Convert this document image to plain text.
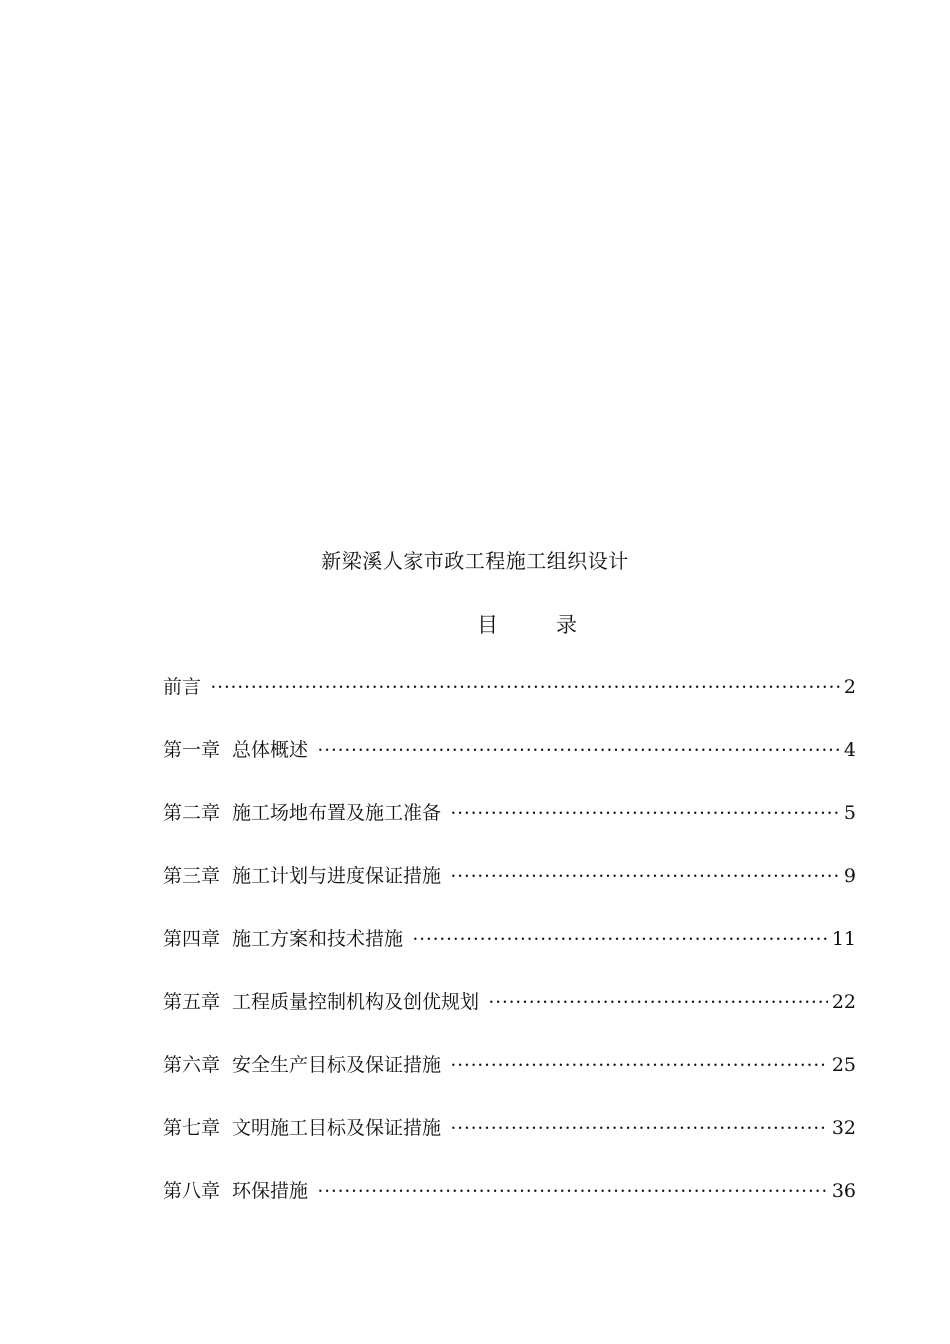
新梁溪人家市政工程施工组织设计
目	录
前言 •••••	2
第一章 总体概述 •••••	4
第二章 施工场地布置及施工准备 •••••	5
第三章 施工计划与进度保证措施 •••••	9
第四章 施工方案和技术措施 •••••	11
第五章 工程质量控制机构及创优规划 •••••	22
第六章 安全生产目标及保证措施 •••••	25
第七章 文明施工目标及保证措施 •••••	32
第八章 环保措施 •••••	36
